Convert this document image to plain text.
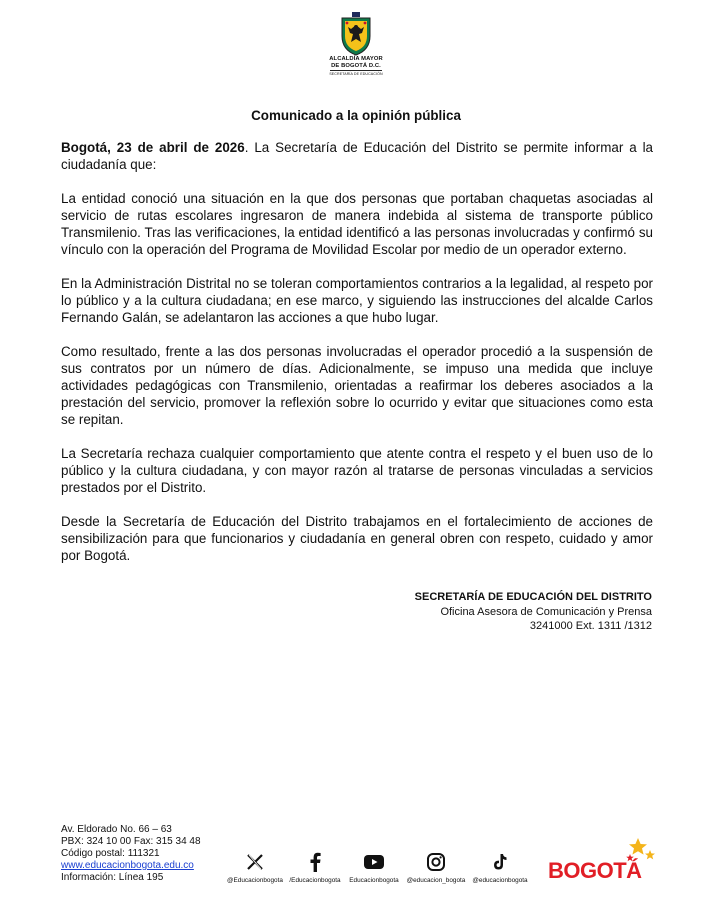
ALCALDÍA MAYOR
DE BOGOTÁ D.C.
SECRETARÍA DE EDUCACIÓN
Comunicado a la opinión pública

Bogotá, 23 de abril de 2026. La Secretaría de Educación del Distrito se permite informar a la ciudadanía que:

La entidad conoció una situación en la que dos personas que portaban chaquetas asociadas al servicio de rutas escolares ingresaron de manera indebida al sistema de transporte público Transmilenio. Tras las verificaciones, la entidad identificó a las personas involucradas y confirmó su vínculo con la operación del Programa de Movilidad Escolar por medio de un operador externo.

En la Administración Distrital no se toleran comportamientos contrarios a la legalidad, al respeto por lo público y a la cultura ciudadana; en ese marco, y siguiendo las instrucciones del alcalde Carlos Fernando Galán, se adelantaron las acciones a que hubo lugar.

Como resultado, frente a las dos personas involucradas el operador procedió a la suspensión de sus contratos por un número de días. Adicionalmente, se impuso una medida que incluye actividades pedagógicas con Transmilenio, orientadas a reafirmar los deberes asociados a la prestación del servicio, promover la reflexión sobre lo ocurrido y evitar que situaciones como esta se repitan.

La Secretaría rechaza cualquier comportamiento que atente contra el respeto y el buen uso de lo público y la cultura ciudadana, y con mayor razón al tratarse de personas vinculadas a servicios prestados por el Distrito.

Desde la Secretaría de Educación del Distrito trabajamos en el fortalecimiento de acciones de sensibilización para que funcionarios y ciudadanía en general obren con respeto, cuidado y amor por Bogotá.

SECRETARÍA DE EDUCACIÓN DEL DISTRITO
Oficina Asesora de Comunicación y Prensa
3241000 Ext. 1311 /1312
Av. Eldorado No. 66 – 63
PBX: 324 10 00 Fax: 315 34 48
Código postal: 111321
www.educacionbogota.edu.co
Información: Línea 195	@Educacionbogota /Educacionbogota Educacionbogota @educacion_bogota @educacionbogota BOGOTÁ
